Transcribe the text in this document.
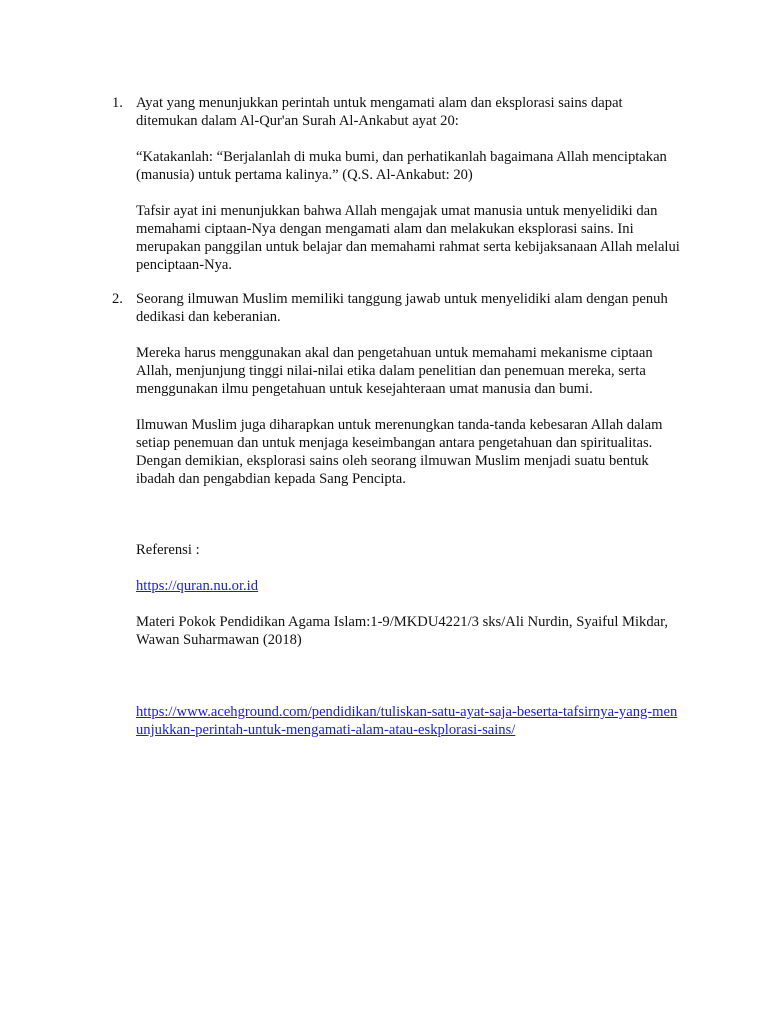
1. Ayat yang menunjukkan perintah untuk mengamati alam dan eksplorasi sains dapat ditemukan dalam Al-Qur'an Surah Al-Ankabut ayat 20:

“Katakanlah: “Berjalanlah di muka bumi, dan perhatikanlah bagaimana Allah menciptakan (manusia) untuk pertama kalinya.” (Q.S. Al-Ankabut: 20)

Tafsir ayat ini menunjukkan bahwa Allah mengajak umat manusia untuk menyelidiki dan memahami ciptaan-Nya dengan mengamati alam dan melakukan eksplorasi sains. Ini merupakan panggilan untuk belajar dan memahami rahmat serta kebijaksanaan Allah melalui penciptaan-Nya.

2. Seorang ilmuwan Muslim memiliki tanggung jawab untuk menyelidiki alam dengan penuh dedikasi dan keberanian.

Mereka harus menggunakan akal dan pengetahuan untuk memahami mekanisme ciptaan Allah, menjunjung tinggi nilai-nilai etika dalam penelitian dan penemuan mereka, serta menggunakan ilmu pengetahuan untuk kesejahteraan umat manusia dan bumi.

Ilmuwan Muslim juga diharapkan untuk merenungkan tanda-tanda kebesaran Allah dalam setiap penemuan dan untuk menjaga keseimbangan antara pengetahuan dan spiritualitas. Dengan demikian, eksplorasi sains oleh seorang ilmuwan Muslim menjadi suatu bentuk ibadah dan pengabdian kepada Sang Pencipta.

Referensi :

https://quran.nu.or.id

Materi Pokok Pendidikan Agama Islam:1-9/MKDU4221/3 sks/Ali Nurdin, Syaiful Mikdar, Wawan Suharmawan (2018)

https://www.acehground.com/pendidikan/tuliskan-satu-ayat-saja-beserta-tafsirnya-yang-menunjukkan-perintah-untuk-mengamati-alam-atau-eskplorasi-sains/
